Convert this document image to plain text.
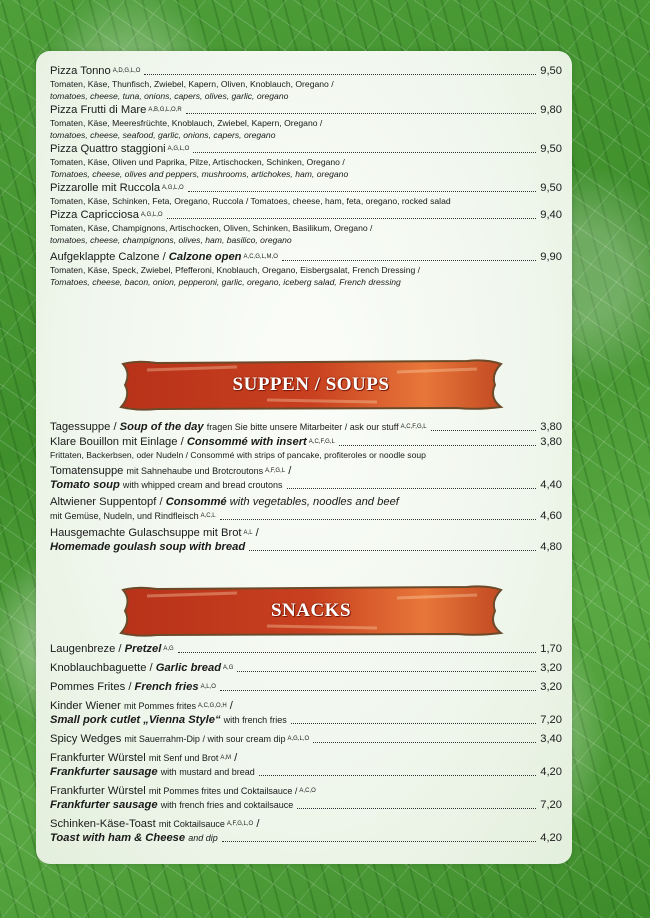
Pizza Tonno A,D,G,L,O	9,50
Tomaten, Käse, Thunfisch, Zwiebel, Kapern, Oliven, Knoblauch, Oregano /
tomatoes, cheese, tuna, onions, capers, olives, garlic, oregano
Pizza Frutti di Mare A,B,G,L,O,R	9,80
Tomaten, Käse, Meeresfrüchte, Knoblauch, Zwiebel, Kapern, Oregano /
tomatoes, cheese, seafood, garlic, onions, capers, oregano
Pizza Quattro staggioni A,G,L,O	9,50
Tomaten, Käse, Oliven und Paprika, Pilze, Artischocken, Schinken, Oregano /
Tomatoes, cheese, olives and peppers, mushrooms, artichokes, ham, oregano
Pizzarolle mit Ruccola A,G,L,O	9,50
Tomaten, Käse, Schinken, Feta, Oregano, Ruccola / Tomatoes, cheese, ham, feta, oregano, rocked salad
Pizza Capricciosa A,G,L,O	9,40
Tomaten, Käse, Champignons, Artischocken, Oliven, Schinken, Basilikum, Oregano /
tomatoes, cheese, champignons, olives, ham, basilico, oregano
Aufgeklappte Calzone / Calzone open A,C,G,L,M,O	9,90
Tomaten, Käse, Speck, Zwiebel, Pfefferoni, Knoblauch, Oregano, Eisbergsalat, French Dressing /
Tomatoes, cheese, bacon, onion, pepperoni, garlic, oregano, iceberg salad, French dressing
SUPPEN / SOUPS
Tagessuppe / Soup of the day
fragen Sie bitte unsere Mitarbeiter / ask our stuff A,C,F,G,L	3,80
Klare Bouillon mit Einlage / Consommé with insert A,C,F,G,L	3,80
Frittaten, Backerbsen, oder Nudeln / Consommé with strips of pancake, profiteroles or noodle soup
Tomatensuppe
mit Sahnehaube und Brotcroutons A,F,G,L
/
Tomato soup with whipped cream and bread croutons	4,40
Altwiener Suppentopf / Consommé with vegetables, noodles and beef
mit Gemüse, Nudeln, und Rindfleisch A,C,L	4,60
Hausgemachte Gulaschsuppe mit Brot A,L
/
Homemade goulash soup with bread	4,80
SNACKS
Laugenbreze / Pretzel A,G	1,70
Knoblauchbaguette / Garlic bread A,G	3,20
Pommes Frites / French fries A,L,O	3,20
Kinder Wiener
mit Pommes frites A,C,G,O,H
/
Small pork cutlet „Vienna Style“ with french fries	7,20
Spicy Wedges
mit Sauerrahm-Dip / with sour cream dip A,G,L,O	3,40
Frankfurter Würstel
mit Senf und Brot A,M
/
Frankfurter sausage with mustard and bread	4,20
Frankfurter Würstel
mit Pommes frites und Coktailsauce / A,C,O
Frankfurter sausage with french fries and coktailsauce	7,20
Schinken-Käse-Toast
mit Coktailsauce A,F,G,L,O
/
Toast with ham & Cheese and dip	4,20
